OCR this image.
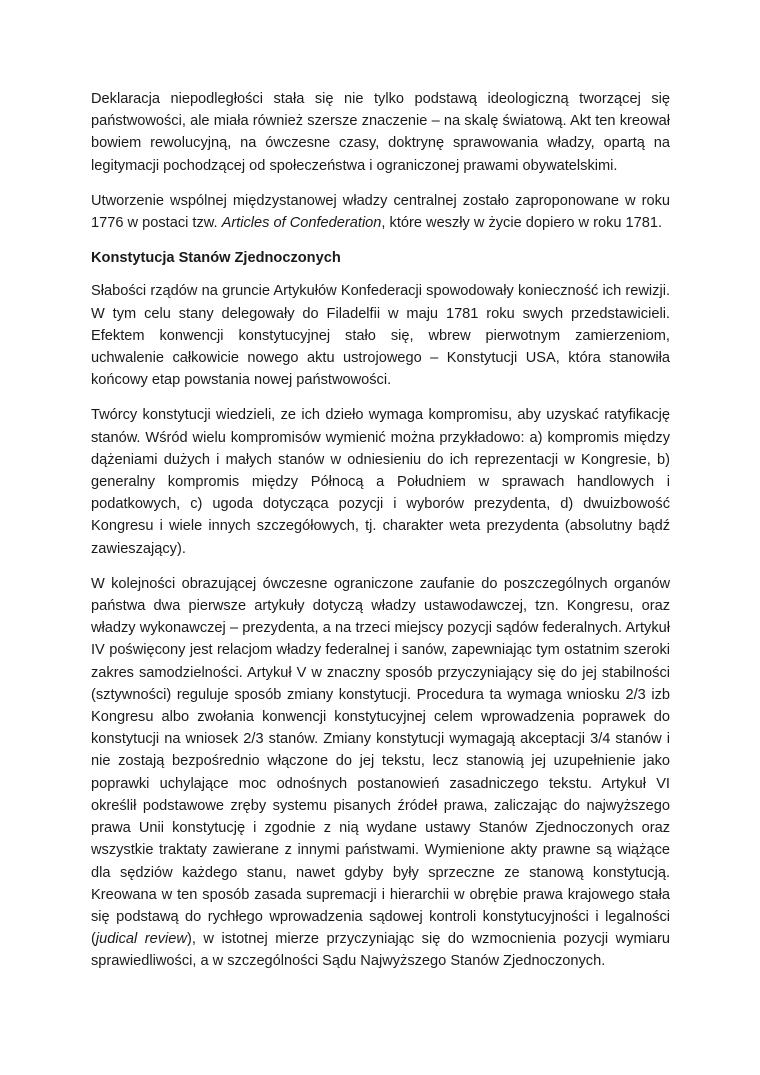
Deklaracja niepodległości stała się nie tylko podstawą ideologiczną tworzącej się państwowości, ale miała również szersze znaczenie – na skalę światową. Akt ten kreował bowiem rewolucyjną, na ówczesne czasy, doktrynę sprawowania władzy, opartą na legitymacji pochodzącej od społeczeństwa i ograniczonej prawami obywatelskimi.

Utworzenie wspólnej międzystanowej władzy centralnej zostało zaproponowane w roku 1776 w postaci tzw. Articles of Confederation, które weszły w życie dopiero w roku 1781.

Konstytucja Stanów Zjednoczonych

Słabości rządów na gruncie Artykułów Konfederacji spowodowały konieczność ich rewizji. W tym celu stany delegowały do Filadelfii w maju 1781 roku swych przedstawicieli. Efektem konwencji konstytucyjnej stało się, wbrew pierwotnym zamierzeniom, uchwalenie całkowicie nowego aktu ustrojowego – Konstytucji USA, która stanowiła końcowy etap powstania nowej państwowości.

Twórcy konstytucji wiedzieli, ze ich dzieło wymaga kompromisu, aby uzyskać ratyfikację stanów. Wśród wielu kompromisów wymienić można przykładowo: a) kompromis między dążeniami dużych i małych stanów w odniesieniu do ich reprezentacji w Kongresie, b) generalny kompromis między Północą a Południem w sprawach handlowych i podatkowych, c) ugoda dotycząca pozycji i wyborów prezydenta, d) dwuizbowość Kongresu i wiele innych szczegółowych, tj. charakter weta prezydenta (absolutny bądź zawieszający).

W kolejności obrazującej ówczesne ograniczone zaufanie do poszczególnych organów państwa dwa pierwsze artykuły dotyczą władzy ustawodawczej, tzn. Kongresu, oraz władzy wykonawczej – prezydenta, a na trzeci miejscy pozycji sądów federalnych. Artykuł IV poświęcony jest relacjom władzy federalnej i sanów, zapewniając tym ostatnim szeroki zakres samodzielności. Artykuł V w znaczny sposób przyczyniający się do jej stabilności (sztywności) reguluje sposób zmiany konstytucji. Procedura ta wymaga wniosku 2/3 izb Kongresu albo zwołania konwencji konstytucyjnej celem wprowadzenia poprawek do konstytucji na wniosek 2/3 stanów. Zmiany konstytucji wymagają akceptacji 3/4 stanów i nie zostają bezpośrednio włączone do jej tekstu, lecz stanowią jej uzupełnienie jako poprawki uchylające moc odnośnych postanowień zasadniczego tekstu. Artykuł VI określił podstawowe zręby systemu pisanych źródeł prawa, zaliczając do najwyższego prawa Unii konstytucję i zgodnie z nią wydane ustawy Stanów Zjednoczonych oraz wszystkie traktaty zawierane z innymi państwami. Wymienione akty prawne są wiążące dla sędziów każdego stanu, nawet gdyby były sprzeczne ze stanową konstytucją. Kreowana w ten sposób zasada supremacji i hierarchii w obrębie prawa krajowego stała się podstawą do rychłego wprowadzenia sądowej kontroli konstytucyjności i legalności (judical review), w istotnej mierze przyczyniając się do wzmocnienia pozycji wymiaru sprawiedliwości, a w szczególności Sądu Najwyższego Stanów Zjednoczonych.
